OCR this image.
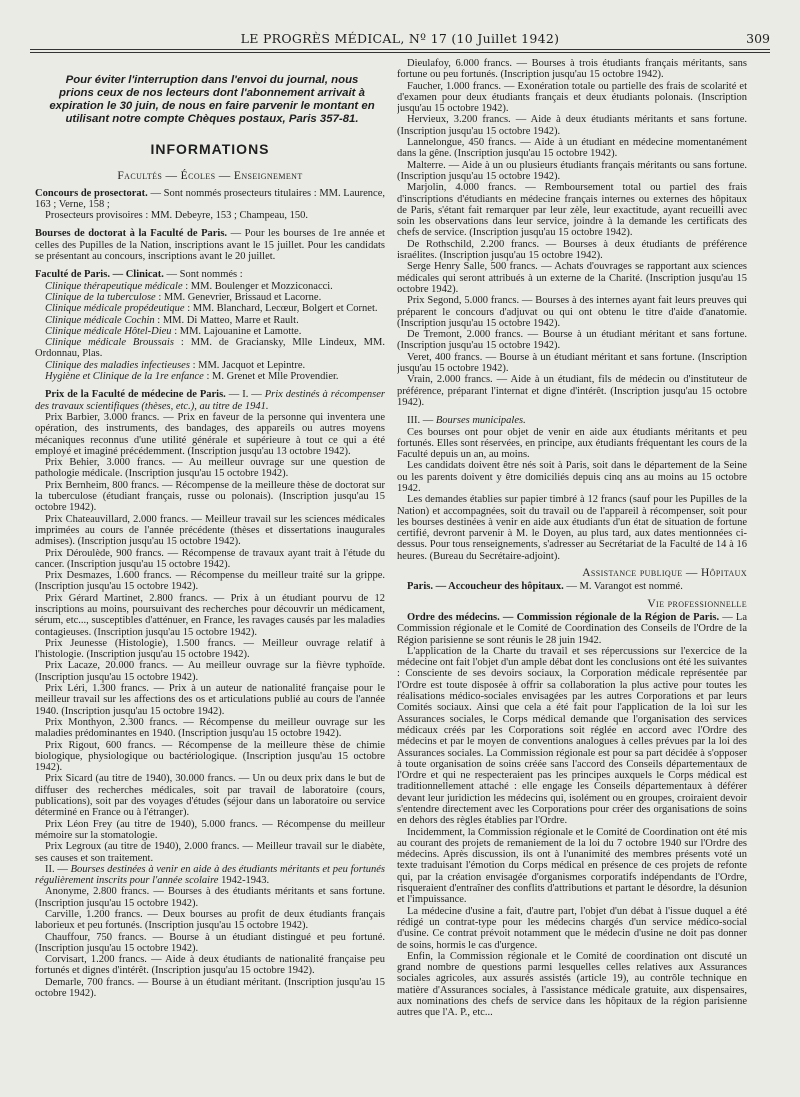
LE PROGRÈS MÉDICAL, Nº 17 (10 Juillet 1942)	309
Pour éviter l'interruption dans l'envoi du journal, nous prions ceux de nos lecteurs dont l'abonnement arrivait à expiration le 30 juin, de nous en faire parvenir le montant en utilisant notre compte Chèques postaux, Paris 357-81.
INFORMATIONS
Facultés — Écoles — Enseignement

Concours de prosectorat. — Sont nommés prosecteurs titulaires : MM. Laurence, 163 ; Verne, 158 ;

Prosecteurs provisoires : MM. Debeyre, 153 ; Champeau, 150.

Bourses de doctorat à la Faculté de Paris. — Pour les bourses de 1re année et celles des Pupilles de la Nation, inscriptions avant le 15 juillet. Pour les candidats se présentant au concours, inscriptions avant le 20 juillet.

Faculté de Paris. — Clinicat. — Sont nommés :

Clinique thérapeutique médicale : MM. Boulenger et Mozziconacci.

Clinique de la tuberculose : MM. Genevrier, Brissaud et Lacorne.

Clinique médicale propédeutique : MM. Blanchard, Lecœur, Bolgert et Cornet.

Clinique médicale Cochin : MM. Di Matteo, Marre et Rault.

Clinique médicale Hôtel-Dieu : MM. Lajouanine et Lamotte.

Clinique médicale Broussais : MM. de Graciansky, Mlle Lindeux, MM. Ordonnau, Plas.

Clinique des maladies infectieuses : MM. Jacquot et Lepintre.

Hygiène et Clinique de la 1re enfance : M. Grenet et Mlle Provendier.

Prix de la Faculté de médecine de Paris. — I. — Prix destinés à récompenser des travaux scientifiques (thèses, etc.), au titre de 1941.

Prix Barbier, 3.000 francs. — Prix en faveur de la personne qui inventera une opération, des instruments, des bandages, des appareils ou autres moyens mécaniques reconnus d'une utilité générale et supérieure à tout ce qui a été employé et imaginé précédemment. (Inscription jusqu'au 13 octobre 1942).

Prix Behier, 3.000 francs. — Au meilleur ouvrage sur une question de pathologie médicale. (Inscription jusqu'au 15 octobre 1942).

Prix Bernheim, 800 francs. — Récompense de la meilleure thèse de doctorat sur la tuberculose (étudiant français, russe ou polonais). (Inscription jusqu'au 15 octobre 1942).

Prix Chateauvillard, 2.000 francs. — Meilleur travail sur les sciences médicales imprimées au cours de l'année précédente (thèses et dissertations inaugurales admises). (Inscription jusqu'au 15 octobre 1942).

Prix Déroulède, 900 francs. — Récompense de travaux ayant trait à l'étude du cancer. (Inscription jusqu'au 15 octobre 1942).

Prix Desmazes, 1.600 francs. — Récompense du meilleur traité sur la grippe. (Inscription jusqu'au 15 octobre 1942).

Prix Gérard Martinet, 2.800 francs. — Prix à un étudiant pourvu de 12 inscriptions au moins, poursuivant des recherches pour découvrir un médicament, sérum, etc..., susceptibles d'atténuer, en France, les ravages causés par les maladies contagieuses. (Inscription jusqu'au 15 octobre 1942).

Prix Jeunesse (Histologie), 1.500 francs. — Meilleur ouvrage relatif à l'histologie. (Inscription jusqu'au 15 octobre 1942).

Prix Lacaze, 20.000 francs. — Au meilleur ouvrage sur la fièvre typhoïde. (Inscription jusqu'au 15 octobre 1942).

Prix Léri, 1.300 francs. — Prix à un auteur de nationalité française pour le meilleur travail sur les affections des os et articulations publié au cours de l'année 1940. (Inscription jusqu'au 15 octobre 1942).

Prix Monthyon, 2.300 francs. — Récompense du meilleur ouvrage sur les maladies prédominantes en 1940. (Inscription jusqu'au 15 octobre 1942).

Prix Rigout, 600 francs. — Récompense de la meilleure thèse de chimie biologique, physiologique ou bactériologique. (Inscription jusqu'au 15 octobre 1942).

Prix Sicard (au titre de 1940), 30.000 francs. — Un ou deux prix dans le but de diffuser des recherches médicales, soit par travail de laboratoire (cours, publications), soit par des voyages d'études (séjour dans un laboratoire ou service déterminé en France ou à l'étranger).

Prix Léon Frey (au titre de 1940), 5.000 francs. — Récompense du meilleur mémoire sur la stomatologie.

Prix Legroux (au titre de 1940), 2.000 francs. — Meilleur travail sur le diabète, ses causes et son traitement.

II. — Bourses destinées à venir en aide à des étudiants méritants et peu fortunés régulièrement inscrits pour l'année scolaire 1942-1943.

Anonyme, 2.800 francs. — Bourses à des étudiants méritants et sans fortune. (Inscription jusqu'au 15 octobre 1942).

Carville, 1.200 francs. — Deux bourses au profit de deux étudiants français laborieux et peu fortunés. (Inscription jusqu'au 15 octobre 1942).

Chauffour, 750 francs. — Bourse à un étudiant distingué et peu fortuné. (Inscription jusqu'au 15 octobre 1942).

Corvisart, 1.200 francs. — Aide à deux étudiants de nationalité française peu fortunés et dignes d'intérêt. (Inscription jusqu'au 15 octobre 1942).

Demarle, 700 francs. — Bourse à un étudiant méritant. (Inscription jusqu'au 15 octobre 1942).

Dieulafoy, 6.000 francs. — Bourses à trois étudiants français méritants, sans fortune ou peu fortunés. (Inscription jusqu'au 15 octobre 1942).

Faucher, 1.000 francs. — Exonération totale ou partielle des frais de scolarité et d'examen pour deux étudiants français et deux étudiants polonais. (Inscription jusqu'au 15 octobre 1942).

Hervieux, 3.200 francs. — Aide à deux étudiants méritants et sans fortune. (Inscription jusqu'au 15 octobre 1942).

Lannelongue, 450 francs. — Aide à un étudiant en médecine momentanément dans la gêne. (Inscription jusqu'au 15 octobre 1942).

Malterre. — Aide à un ou plusieurs étudiants français méritants ou sans fortune. (Inscription jusqu'au 15 octobre 1942).

Marjolin, 4.000 francs. — Remboursement total ou partiel des frais d'inscriptions d'étudiants en médecine français internes ou externes des hôpitaux de Paris, s'étant fait remarquer par leur zèle, leur exactitude, ayant recueilli avec soin les observations dans leur service, joindre à la demande les certificats des chefs de service. (Inscription jusqu'au 15 octobre 1942).

De Rothschild, 2.200 francs. — Bourses à deux étudiants de préférence israélites. (Inscription jusqu'au 15 octobre 1942).

Serge Henry Salle, 500 francs. — Achats d'ouvrages se rapportant aux sciences médicales qui seront attribués à un externe de la Charité. (Inscription jusqu'au 15 octobre 1942).

Prix Segond, 5.000 francs. — Bourses à des internes ayant fait leurs preuves qui préparent le concours d'adjuvat ou qui ont obtenu le titre d'aide d'anatomie. (Inscription jusqu'au 15 octobre 1942).

De Tremont, 2.000 francs. — Bourse à un étudiant méritant et sans fortune. (Inscription jusqu'au 15 octobre 1942).

Veret, 400 francs. — Bourse à un étudiant méritant et sans fortune. (Inscription jusqu'au 15 octobre 1942).

Vrain, 2.000 francs. — Aide à un étudiant, fils de médecin ou d'instituteur de préférence, préparant l'internat et digne d'intérêt. (Inscription jusqu'au 15 octobre 1942).

III. — Bourses municipales.

Ces bourses ont pour objet de venir en aide aux étudiants méritants et peu fortunés. Elles sont réservées, en principe, aux étudiants fréquentant les cours de la Faculté depuis un an, au moins.

Les candidats doivent être nés soit à Paris, soit dans le département de la Seine ou les parents doivent y être domiciliés depuis cinq ans au moins au 15 octobre 1942.

Les demandes établies sur papier timbré à 12 francs (sauf pour les Pupilles de la Nation) et accompagnées, soit du travail ou de l'appareil à récompenser, soit pour les bourses destinées à venir en aide aux étudiants d'un état de situation de fortune certifié, devront parvenir à M. le Doyen, au plus tard, aux dates mentionnées ci-dessus. Pour tous renseignements, s'adresser au Secrétariat de la Faculté de 14 à 16 heures. (Bureau du Secrétaire-adjoint).

Assistance publique — Hôpitaux

Paris. — Accoucheur des hôpitaux. — M. Varangot est nommé.

Vie professionnelle

Ordre des médecins. — Commission régionale de la Région de Paris. — La Commission régionale et le Comité de Coordination des Conseils de l'Ordre de la Région parisienne se sont réunis le 28 juin 1942.

L'application de la Charte du travail et ses répercussions sur l'exercice de la médecine ont fait l'objet d'un ample débat dont les conclusions ont été les suivantes : Consciente de ses devoirs sociaux, la Corporation médicale représentée par l'Ordre est toute disposée à offrir sa collaboration la plus active pour toutes les réalisations médico-sociales envisagées par les autres Corporations et par leurs Comités sociaux. Ainsi que cela a été fait pour l'application de la loi sur les Assurances sociales, le Corps médical demande que l'organisation des services médicaux créés par les Corporations soit réglée en accord avec l'Ordre des médecins et par le moyen de conventions analogues à celles prévues par la loi des Assurances sociales. La Commission régionale est pour sa part décidée à s'opposer à toute organisation de soins créée sans l'accord des Conseils départementaux de l'Ordre et qui ne respecteraient pas les principes auxquels le Corps médical est traditionnellement attaché : elle engage les Conseils départementaux à déférer devant leur juridiction les médecins qui, isolément ou en groupes, croiraient devoir s'entendre directement avec les Corporations pour créer des organisations de soins en dehors des règles établies par l'Ordre.

Incidemment, la Commission régionale et le Comité de Coordination ont été mis au courant des projets de remaniement de la loi du 7 octobre 1940 sur l'Ordre des médecins. Après discussion, ils ont à l'unanimité des membres présents voté un texte traduisant l'émotion du Corps médical en présence de ces projets de refonte qui, par la création envisagée d'organismes corporatifs indépendants de l'Ordre, risqueraient d'entraîner des conflits d'attributions et partant le désordre, la désunion et l'impuissance.

La médecine d'usine a fait, d'autre part, l'objet d'un débat à l'issue duquel a été rédigé un contrat-type pour les médecins chargés d'un service médico-social d'usine. Ce contrat prévoit notamment que le médecin d'usine ne doit pas donner de soins, hormis le cas d'urgence.

Enfin, la Commission régionale et le Comité de coordination ont discuté un grand nombre de questions parmi lesquelles celles relatives aux Assurances sociales agricoles, aux assurés assistés (article 19), au contrôle technique en matière d'Assurances sociales, à l'assistance médicale gratuite, aux dispensaires, aux nominations des chefs de service dans les hôpitaux de la région parisienne autres que l'A. P., etc...
